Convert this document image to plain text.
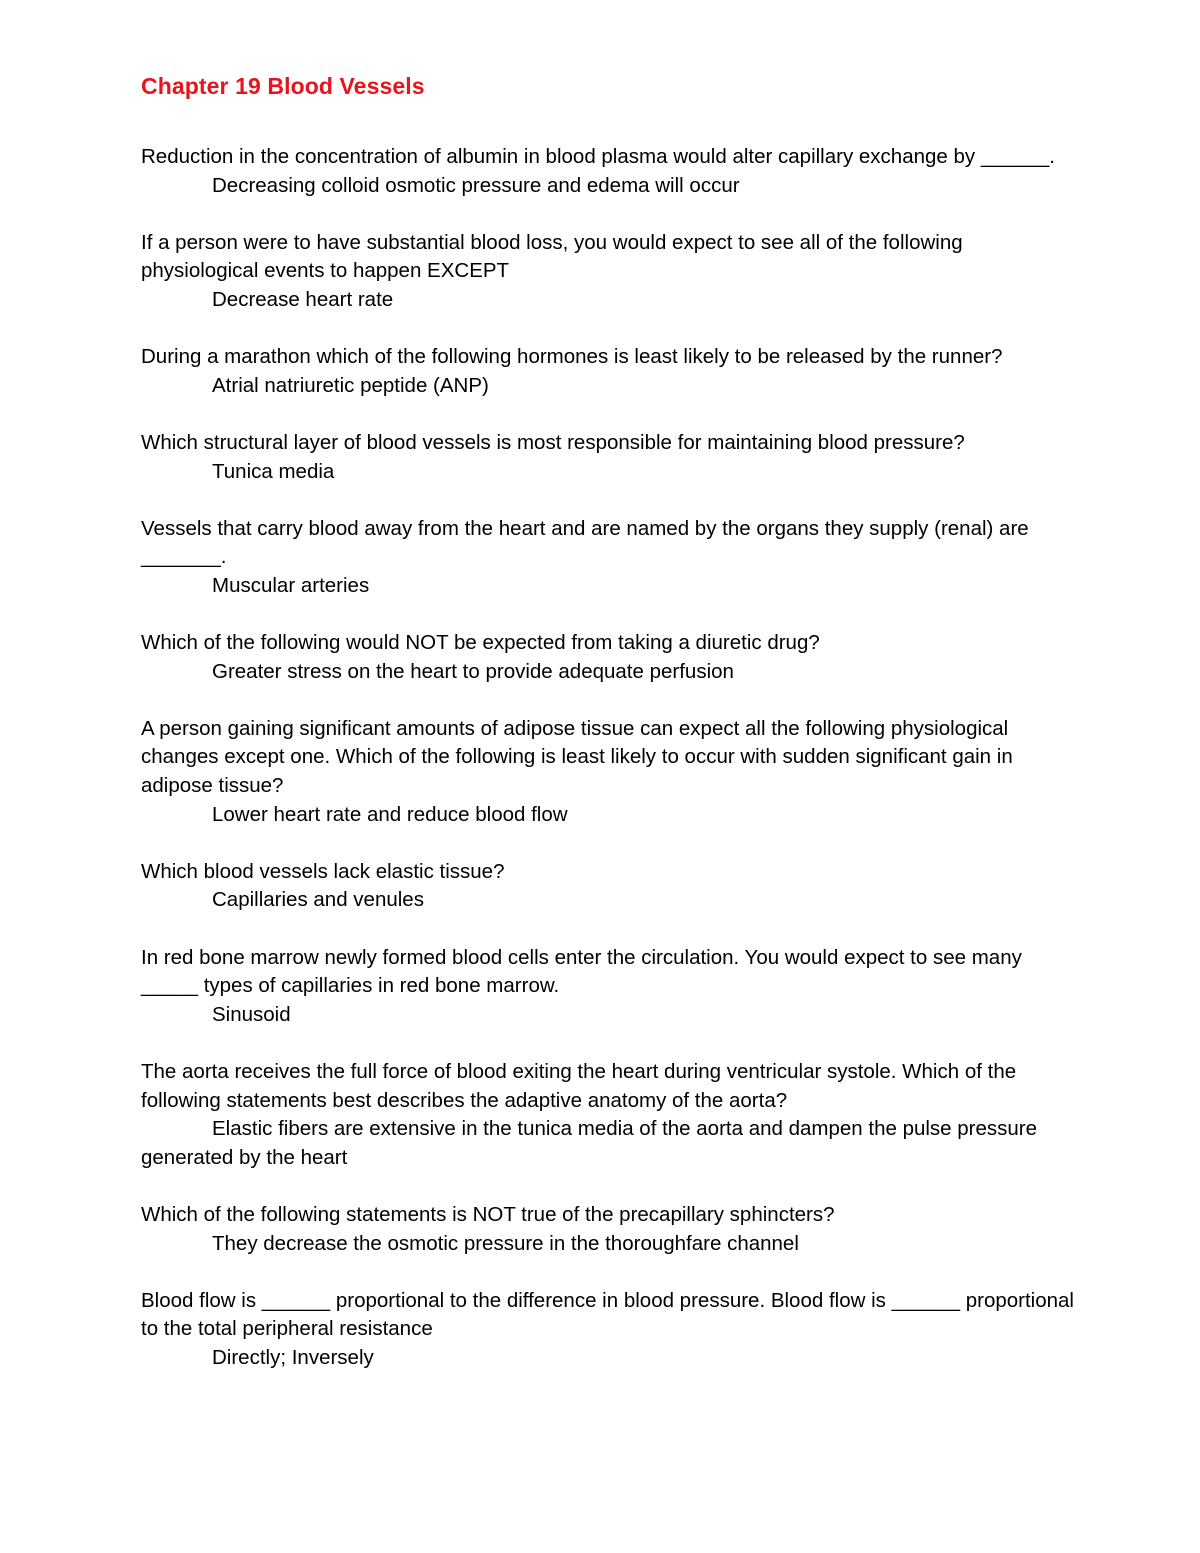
Chapter 19 Blood Vessels

Reduction in the concentration of albumin in blood plasma would alter capillary exchange by ______.

Decreasing colloid osmotic pressure and edema will occur

If a person were to have substantial blood loss, you would expect to see all of the following physiological events to happen EXCEPT

Decrease heart rate

During a marathon which of the following hormones is least likely to be released by the runner?

Atrial natriuretic peptide (ANP)

Which structural layer of blood vessels is most responsible for maintaining blood pressure?

Tunica media

Vessels that carry blood away from the heart and are named by the organs they supply (renal) are _______.

Muscular arteries

Which of the following would NOT be expected from taking a diuretic drug?

Greater stress on the heart to provide adequate perfusion

A person gaining significant amounts of adipose tissue can expect all the following physiological changes except one. Which of the following is least likely to occur with sudden significant gain in adipose tissue?

Lower heart rate and reduce blood flow

Which blood vessels lack elastic tissue?

Capillaries and venules

In red bone marrow newly formed blood cells enter the circulation. You would expect to see many _____ types of capillaries in red bone marrow.

Sinusoid

The aorta receives the full force of blood exiting the heart during ventricular systole. Which of the following statements best describes the adaptive anatomy of the aorta?

Elastic fibers are extensive in the tunica media of the aorta and dampen the pulse pressure generated by the heart

Which of the following statements is NOT true of the precapillary sphincters?

They decrease the osmotic pressure in the thoroughfare channel

Blood flow is ______ proportional to the difference in blood pressure. Blood flow is ______ proportional to the total peripheral resistance

Directly; Inversely
